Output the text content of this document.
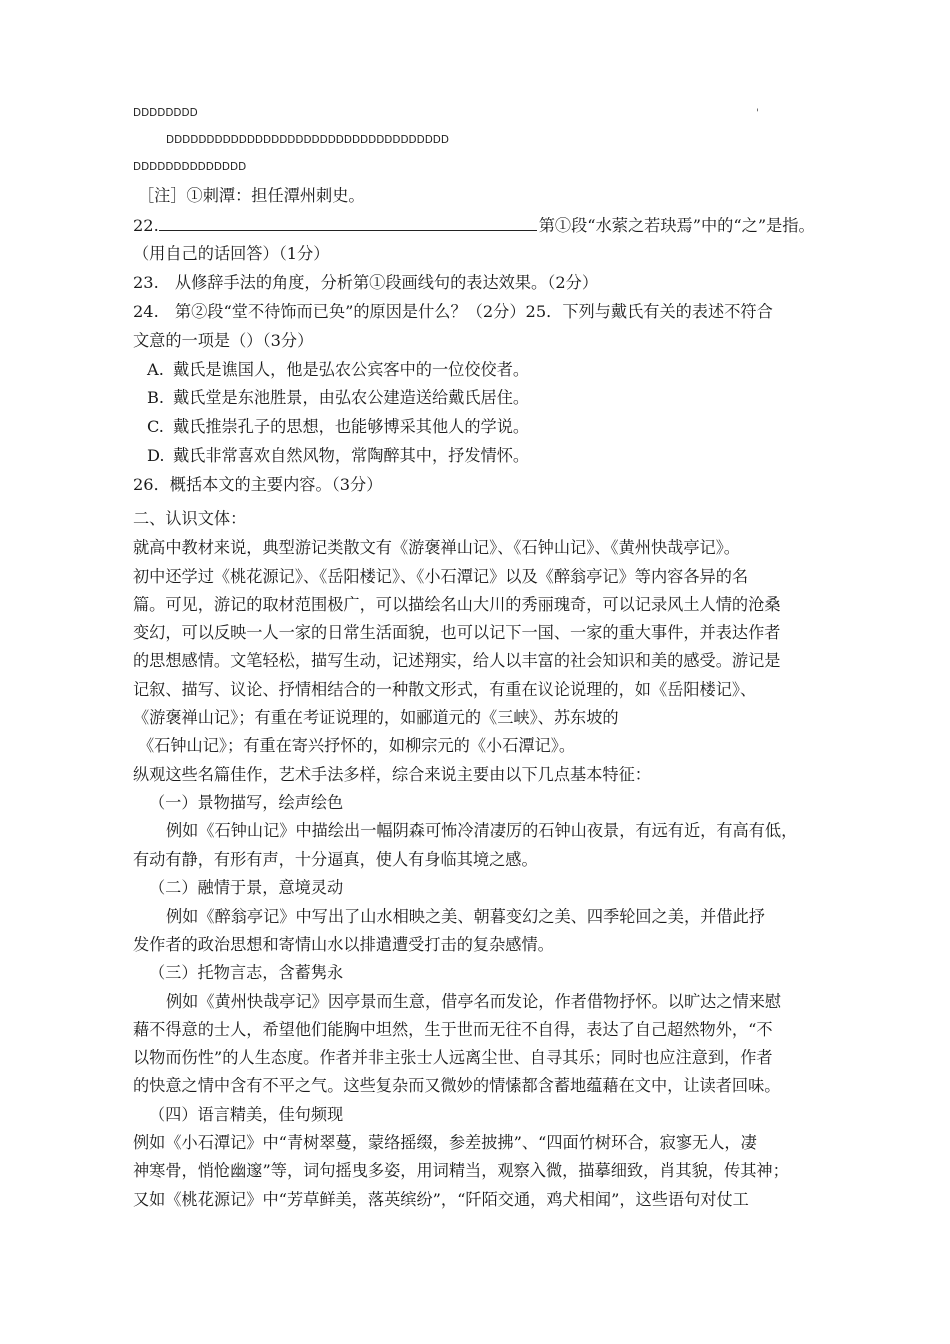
DDDDDDDD	'
DDDDDDDDDDDDDDDDDDDDDDDDDDDDDDDDDDD
DDDDDDDDDDDDDD
［注］①刺潭：担任潭州刺史。
22.	第①段“水萦之若玦焉”中的“之”是指。
（用自己的话回答）（1分）
23.　从修辞手法的角度，分析第①段画线句的表达效果。（2分）
24.　第②段“堂不待饰而已奂”的原因是什么？（2分）25．下列与戴氏有关的表述不符合
文意的一项是（）（3分）
A. 戴氏是谯国人，他是弘农公宾客中的一位佼佼者。
B. 戴氏堂是东池胜景，由弘农公建造送给戴氏居住。
C. 戴氏推崇孔子的思想，也能够博采其他人的学说。
D. 戴氏非常喜欢自然风物，常陶醉其中，抒发情怀。
26．概括本文的主要内容。（3分）
二、认识文体：
就高中教材来说，典型游记类散文有《游褒禅山记》、《石钟山记》、《黄州快哉亭记》。
初中还学过《桃花源记》、《岳阳楼记》、《小石潭记》以及《醉翁亭记》等内容各异的名
篇。可见，游记的取材范围极广，可以描绘名山大川的秀丽瑰奇，可以记录风土人情的沧桑
变幻，可以反映一人一家的日常生活面貌，也可以记下一国、一家的重大事件，并表达作者
的思想感情。文笔轻松，描写生动，记述翔实，给人以丰富的社会知识和美的感受。游记是
记叙、描写、议论、抒情相结合的一种散文形式，有重在议论说理的，如《岳阳楼记》、
《游褒禅山记》；有重在考证说理的，如郦道元的《三峡》、苏东坡的
《石钟山记》；有重在寄兴抒怀的，如柳宗元的《小石潭记》。
纵观这些名篇佳作，艺术手法多样，综合来说主要由以下几点基本特征：
（一）景物描写，绘声绘色
例如《石钟山记》中描绘出一幅阴森可怖冷清凄厉的石钟山夜景，有远有近，有高有低，
有动有静，有形有声，十分逼真，使人有身临其境之感。
（二）融情于景，意境灵动
例如《醉翁亭记》中写出了山水相映之美、朝暮变幻之美、四季轮回之美，并借此抒
发作者的政治思想和寄情山水以排遣遭受打击的复杂感情。
（三）托物言志，含蓄隽永
例如《黄州快哉亭记》因亭景而生意，借亭名而发论，作者借物抒怀。以旷达之情来慰
藉不得意的士人，希望他们能胸中坦然，生于世而无往不自得，表达了自己超然物外，“不
以物而伤性”的人生态度。作者并非主张士人远离尘世、自寻其乐；同时也应注意到，作者
的快意之情中含有不平之气。这些复杂而又微妙的情愫都含蓄地蕴藉在文中，让读者回味。
（四）语言精美，佳句频现
例如《小石潭记》中“青树翠蔓，蒙络摇缀，参差披拂”、“四面竹树环合，寂寥无人，凄
神寒骨，悄怆幽邃”等，词句摇曳多姿，用词精当，观察入微，描摹细致，肖其貌，传其神；
又如《桃花源记》中“芳草鲜美，落英缤纷”，“阡陌交通，鸡犬相闻”，这些语句对仗工
